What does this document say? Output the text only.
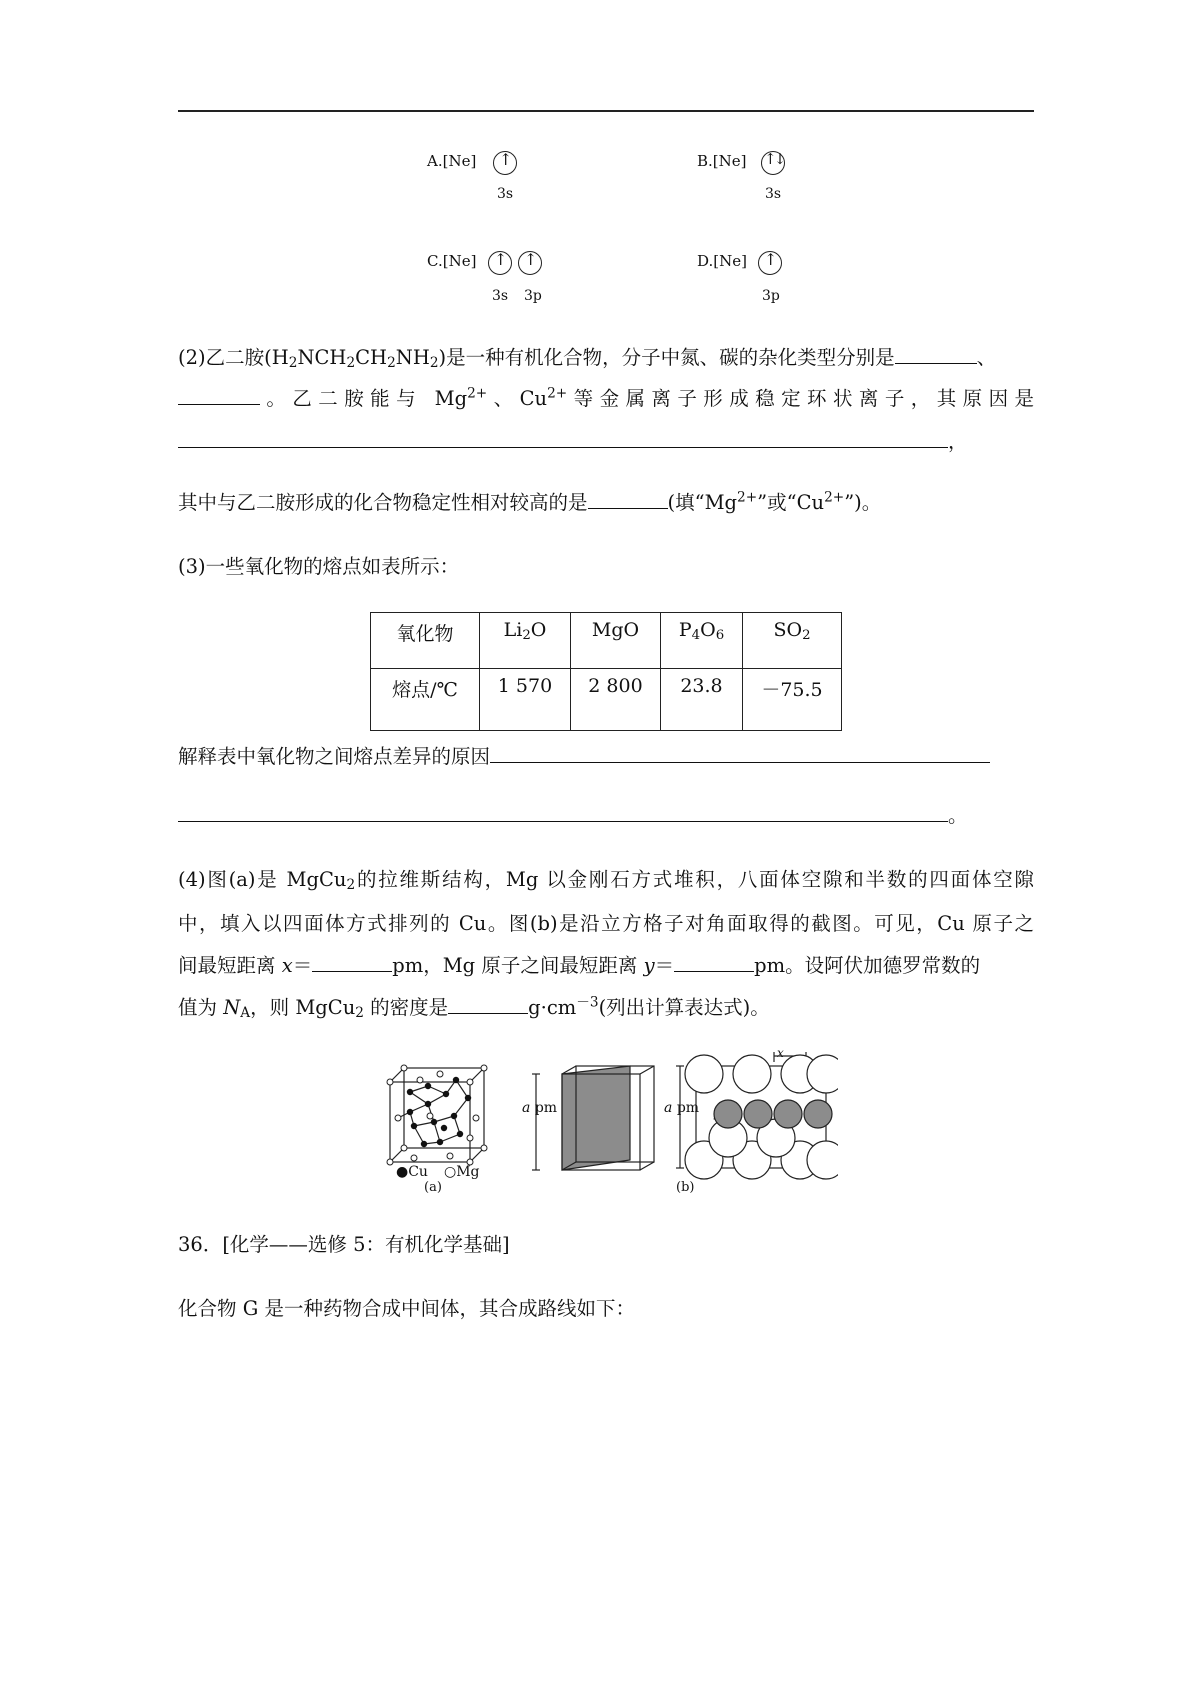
A.[Ne] ↑
3s
B.[Ne] ↑↓
3s
C.[Ne] ↑ ↑
3s 3p
D.[Ne] ↑
3p
(2)乙二胺$(H_2NCH_2CH_2NH_2)$是一种有机化合物，分子中氮、碳的杂化类型分别是	、
。乙二胺能与 $Mg^{2+}$、$Cu^{2+}$等金属离子形成稳定环状离子，其原因是
，
其中与乙二胺形成的化合物稳定性相对较高的是	(填“$Mg^{2+}$”或“$Cu^{2+}$”)。
(3)一些氧化物的熔点如表所示：
氧化物	$Li_2O$	MgO	$P_4O_6$	$SO_2$
熔点/℃	1 570	2 800	23.8	－75.5
解释表中氧化物之间熔点差异的原因
。
(4)图(a)是 MgCu$_2$的拉维斯结构，Mg 以金刚石方式堆积，八面体空隙和半数的四面体空隙
中，填入以四面体方式排列的 Cu。图(b)是沿立方格子对角面取得的截图。可见，Cu 原子之
间最短距离 x＝	pm，Mg 原子之间最短距离 y＝	pm。设阿伏加德罗常数的
值为 $N_A$，则 MgCu$_2$ 的密度是	$g\cdot cm^{-3}$(列出计算表达式)。
●Cu ○Mg
(a)
a pm	a pm
x
(b)
36．[化学——选修 5：有机化学基础]
化合物 G 是一种药物合成中间体，其合成路线如下：
